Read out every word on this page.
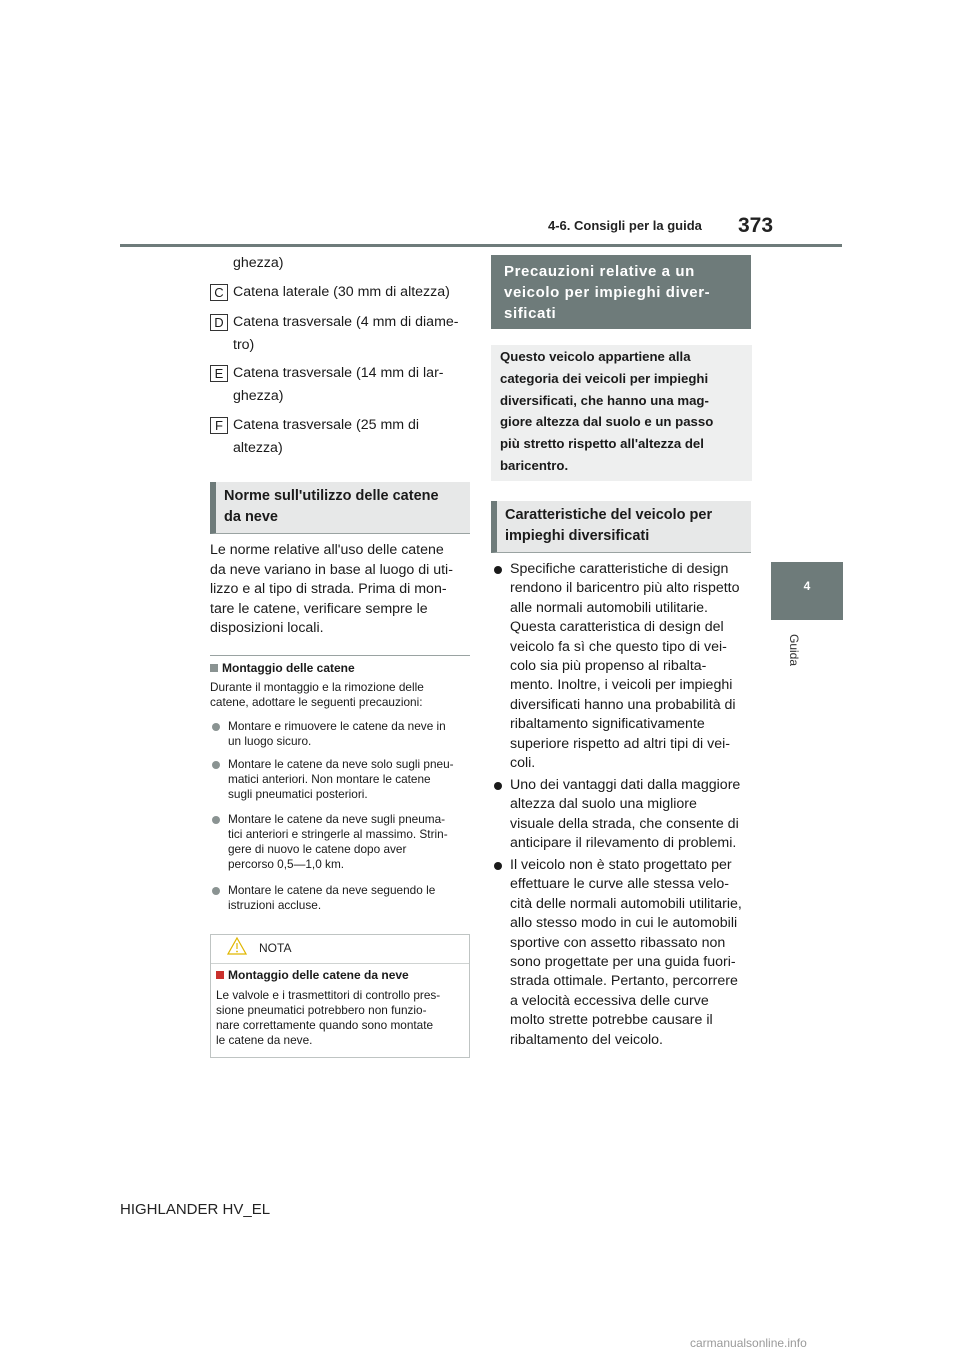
4-6. Consigli per la guida 373
4
Guida
ghezza)
C Catena laterale (30 mm di altezza)
D Catena trasversale (4 mm di diame-
tro)
E Catena trasversale (14 mm di lar-
ghezza)
F Catena trasversale (25 mm di
altezza)
Norme sull'utilizzo delle catene
da neve
Le norme relative all'uso delle catene
da neve variano in base al luogo di uti-
lizzo e al tipo di strada. Prima di mon-
tare le catene, verificare sempre le
disposizioni locali.
Montaggio delle catene
Durante il montaggio e la rimozione delle
catene, adottare le seguenti precauzioni:
Montare e rimuovere le catene da neve in
un luogo sicuro.
Montare le catene da neve solo sugli pneu-
matici anteriori. Non montare le catene
sugli pneumatici posteriori.
Montare le catene da neve sugli pneuma-
tici anteriori e stringerle al massimo. Strin-
gere di nuovo le catene dopo aver
percorso 0,5—1,0 km.
Montare le catene da neve seguendo le
istruzioni accluse.
NOTA
Montaggio delle catene da neve
Le valvole e i trasmettitori di controllo pres-
sione pneumatici potrebbero non funzio-
nare correttamente quando sono montate
le catene da neve.
Precauzioni relative a un
veicolo per impieghi diver-
sificati
Questo veicolo appartiene alla
categoria dei veicoli per impieghi
diversificati, che hanno una mag-
giore altezza dal suolo e un passo
più stretto rispetto all'altezza del
baricentro.
Caratteristiche del veicolo per
impieghi diversificati
Specifiche caratteristiche di design
rendono il baricentro più alto rispetto
alle normali automobili utilitarie.
Questa caratteristica di design del
veicolo fa sì che questo tipo di vei-
colo sia più propenso al ribalta-
mento. Inoltre, i veicoli per impieghi
diversificati hanno una probabilità di
ribaltamento significativamente
superiore rispetto ad altri tipi di vei-
coli.
Uno dei vantaggi dati dalla maggiore
altezza dal suolo una migliore
visuale della strada, che consente di
anticipare il rilevamento di problemi.
Il veicolo non è stato progettato per
effettuare le curve alle stessa velo-
cità delle normali automobili utilitarie,
allo stesso modo in cui le automobili
sportive con assetto ribassato non
sono progettate per una guida fuori-
strada ottimale. Pertanto, percorrere
a velocità eccessiva delle curve
molto strette potrebbe causare il
ribaltamento del veicolo.
HIGHLANDER HV_EL
carmanualsonline.info
